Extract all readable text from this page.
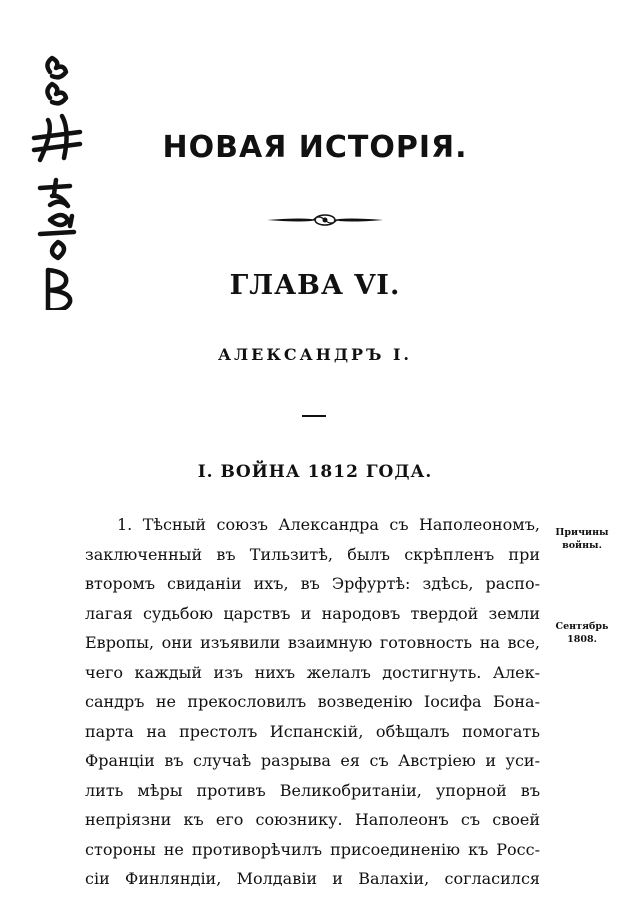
НОВАЯ ИСТОРІЯ.
ГЛАВА VI.
АЛЕКСАНДРЪ I.
I. ВОЙНА 1812 ГОДА.
1. Тѣсный союзъ Александра съ Наполеономъ,
заключенный въ Тильзитѣ, былъ скрѣпленъ при
второмъ свиданіи ихъ, въ Эрфуртѣ: здѣсь, распо-
лагая судьбою царствъ и народовъ твердой земли
Европы, они изъявили взаимную готовность на все,
чего каждый изъ нихъ желалъ достигнуть. Алек-
сандръ не прекословилъ возведенію Іосифа Бона-
парта на престолъ Испанскій, обѣщалъ помогать
Франціи въ случаѣ разрыва ея съ Австріею и уси-
лить мѣры противъ Великобританіи, упорной въ
непріязни къ его союзнику. Наполеонъ съ своей
стороны не противорѣчилъ присоединенію къ Росс-
сіи Финляндіи, Молдавіи и Валахіи, согласился
Причины
войны.
Сентябрь
1808.
